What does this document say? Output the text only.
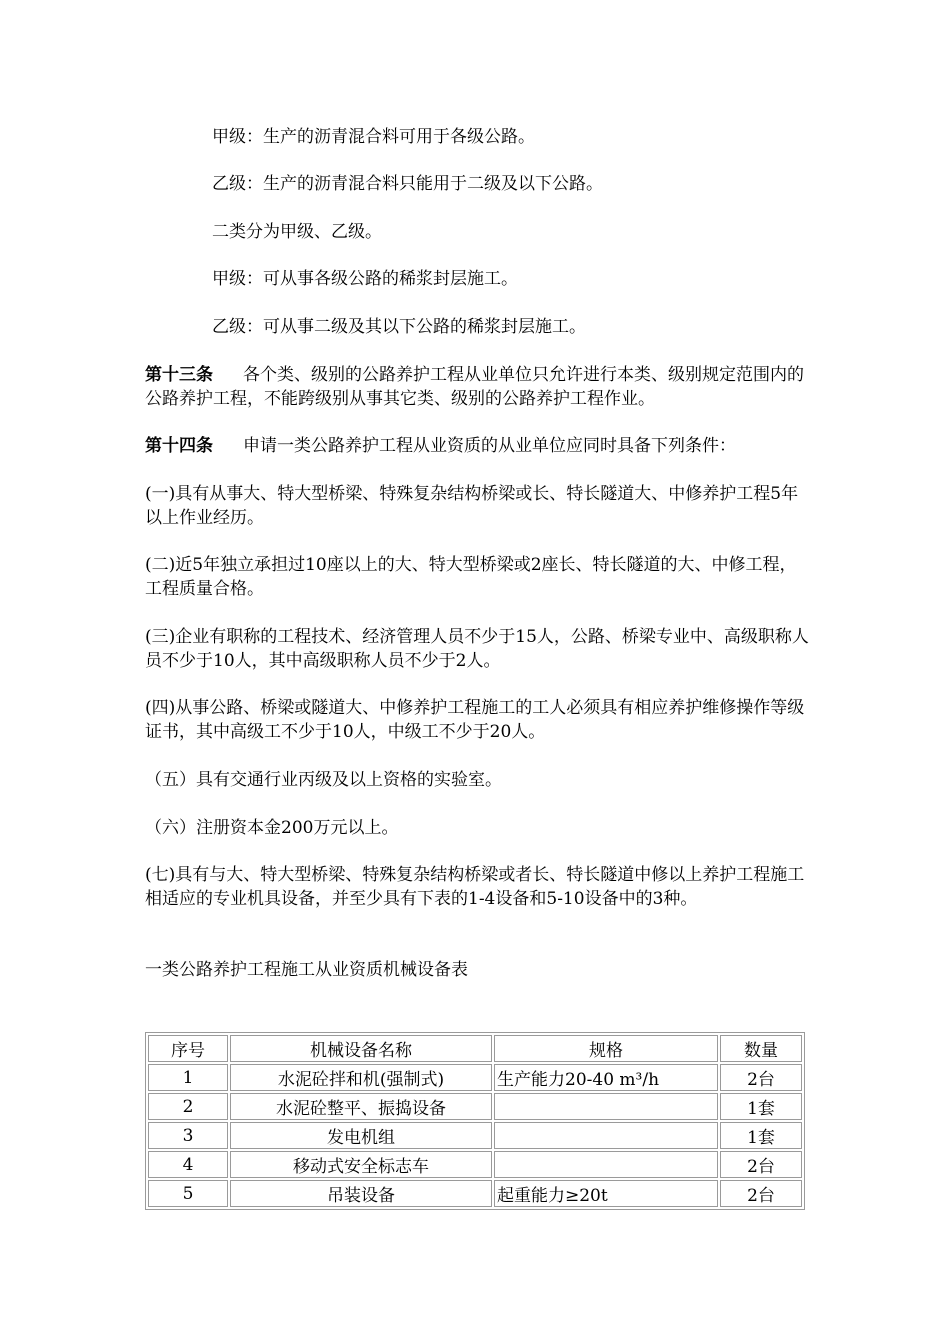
甲级：生产的沥青混合料可用于各级公路。
乙级：生产的沥青混合料只能用于二级及以下公路。
二类分为甲级、乙级。
甲级：可从事各级公路的稀浆封层施工。
乙级：可从事二级及其以下公路的稀浆封层施工。
第十三条 各个类、级别的公路养护工程从业单位只允许进行本类、级别规定范围内的公路养护工程，不能跨级别从事其它类、级别的公路养护工程作业。
第十四条 申请一类公路养护工程从业资质的从业单位应同时具备下列条件：
(一)具有从事大、特大型桥梁、特殊复杂结构桥梁或长、特长隧道大、中修养护工程5年以上作业经历。
(二)近5年独立承担过10座以上的大、特大型桥梁或2座长、特长隧道的大、中修工程，工程质量合格。
(三)企业有职称的工程技术、经济管理人员不少于15人，公路、桥梁专业中、高级职称人员不少于10人，其中高级职称人员不少于2人。
(四)从事公路、桥梁或隧道大、中修养护工程施工的工人必须具有相应养护维修操作等级证书，其中高级工不少于10人，中级工不少于20人。
（五）具有交通行业丙级及以上资格的实验室。
（六）注册资本金200万元以上。
(七)具有与大、特大型桥梁、特殊复杂结构桥梁或者长、特长隧道中修以上养护工程施工相适应的专业机具设备，并至少具有下表的1-4设备和5-10设备中的3种。
一类公路养护工程施工从业资质机械设备表
序号	机械设备名称	规格	数量
1	水泥砼拌和机(强制式)	生产能力20-40 m³/h	2台
2	水泥砼整平、振捣设备		1套
3	发电机组		1套
4	移动式安全标志车		2台
5	吊装设备	起重能力≥20t	2台
